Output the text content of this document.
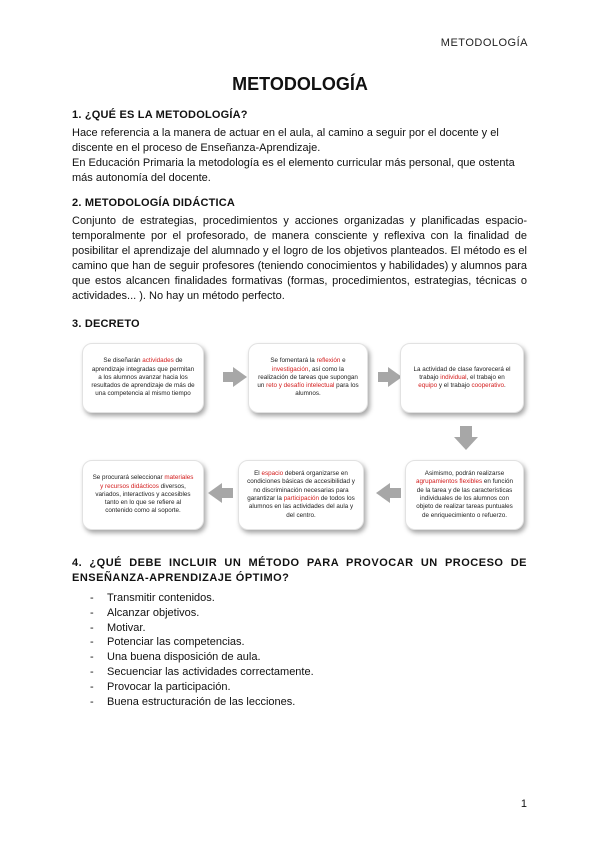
METODOLOGÍA
METODOLOGÍA
1. ¿QUÉ ES LA METODOLOGÍA?
Hace referencia a la manera de actuar en el aula, al camino a seguir por el docente y el
discente en el proceso de Enseñanza-Aprendizaje.
En Educación Primaria la metodología es el elemento curricular más personal, que ostenta
más autonomía del docente.
2. METODOLOGÍA DIDÁCTICA
Conjunto de estrategias, procedimientos y acciones organizadas y planificadas espacio-temporalmente por el profesorado, de manera consciente y reflexiva con la finalidad de posibilitar el aprendizaje del alumnado y el logro de los objetivos planteados. El método es el camino que han de seguir profesores (teniendo conocimientos y habilidades) y alumnos para que estos alcancen finalidades formativas (formas, procedimientos, estrategias, técnicas o actividades... ). No hay un método perfecto.
3. DECRETO
Se diseñarán actividades de aprendizaje integradas que permitan a los alumnos avanzar hacia los resultados de aprendizaje de más de una competencia al mismo tiempo
Se fomentará la reflexión e investigación, así como la realización de tareas que supongan un reto y desafío intelectual para los alumnos.
La actividad de clase favorecerá el trabajo individual, el trabajo en equipo y el trabajo cooperativo.
Se procurará seleccionar materiales y recursos didácticos diversos, variados, interactivos y accesibles tanto en lo que se refiere al contenido como al soporte.
El espacio deberá organizarse en condiciones básicas de accesibilidad y no discriminación necesarias para garantizar la participación de todos los alumnos en las actividades del aula y del centro.
Asimismo, podrán realizarse agrupamientos flexibles en función de la tarea y de las características individuales de los alumnos con objeto de realizar tareas puntuales de enriquecimiento o refuerzo.
4. ¿QUÉ DEBE INCLUIR UN MÉTODO PARA PROVOCAR UN PROCESO DE
ENSEÑANZA-APRENDIZAJE ÓPTIMO?
- Transmitir contenidos.
- Alcanzar objetivos.
- Motivar.
- Potenciar las competencias.
- Una buena disposición de aula.
- Secuenciar las actividades correctamente.
- Provocar la participación.
- Buena estructuración de las lecciones.
1
